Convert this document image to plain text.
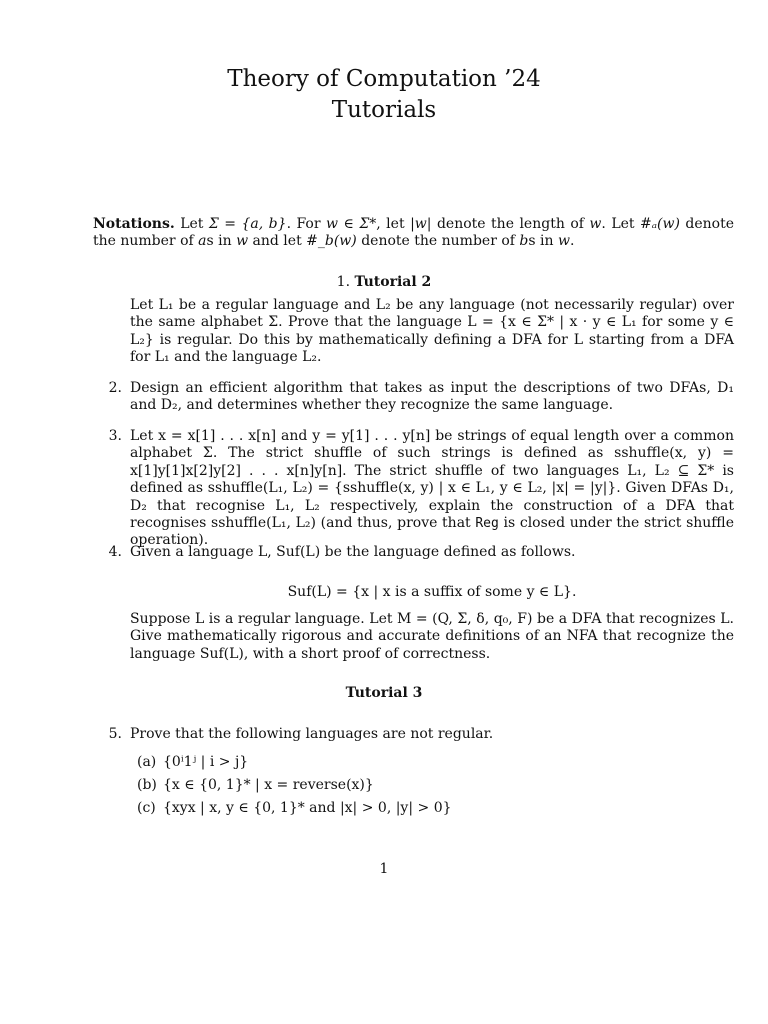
Theory of Computation ’24
Tutorials
Notations. Let Σ = {a, b}. For w ∈ Σ*, let |w| denote the length of w. Let #ₐ(w) denote the number of as in w and let #_b(w) denote the number of bs in w.
1. Tutorial 2
Let L₁ be a regular language and L₂ be any language (not necessarily regular) over the same alphabet Σ. Prove that the language L = {x ∈ Σ* | x · y ∈ L₁ for some y ∈ L₂} is regular. Do this by mathematically defining a DFA for L starting from a DFA for L₁ and the language L₂.
2. Design an efficient algorithm that takes as input the descriptions of two DFAs, D₁ and D₂, and determines whether they recognize the same language.
3. Let x = x[1] . . . x[n] and y = y[1] . . . y[n] be strings of equal length over a common alphabet Σ. The strict shuffle of such strings is defined as sshuffle(x, y) = x[1]y[1]x[2]y[2] . . . x[n]y[n]. The strict shuffle of two languages L₁, L₂ ⊆ Σ* is defined as sshuffle(L₁, L₂) = {sshuffle(x, y) | x ∈ L₁, y ∈ L₂, |x| = |y|}. Given DFAs D₁, D₂ that recognise L₁, L₂ respectively, explain the construction of a DFA that recognises sshuffle(L₁, L₂) (and thus, prove that Reg is closed under the strict shuffle operation).
4. Given a language L, Suf(L) be the language defined as follows.
Suf(L) = {x | x is a suffix of some y ∈ L}.
Suppose L is a regular language. Let M = (Q, Σ, δ, q₀, F) be a DFA that recognizes L. Give mathematically rigorous and accurate definitions of an NFA that recognize the language Suf(L), with a short proof of correctness.
Tutorial 3
5. Prove that the following languages are not regular.
(a) {0ⁱ1ʲ | i > j}
(b) {x ∈ {0, 1}* | x = reverse(x)}
(c) {xyx | x, y ∈ {0, 1}* and |x| > 0, |y| > 0}
1
